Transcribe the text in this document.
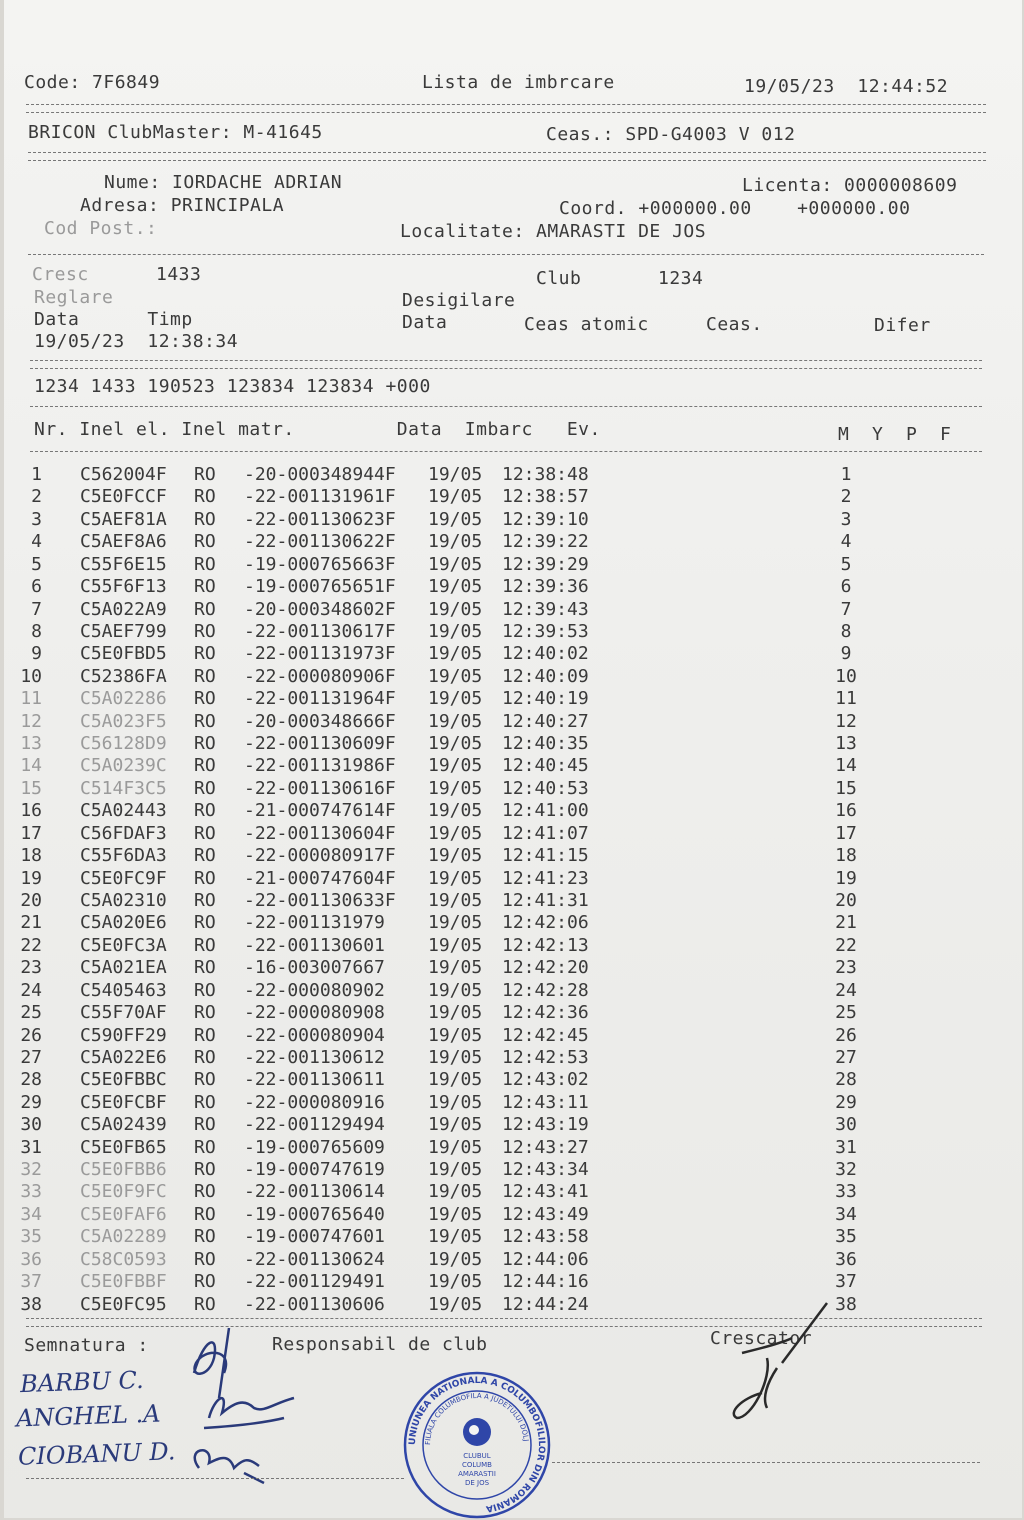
Code: 7F6849	Lista de imbrcare	19/05/23  12:44:52
BRICON ClubMaster: M-41645	Ceas.: SPD-G4003 V 012
Nume: IORDACHE ADRIAN	Licenta: 0000008609
Adresa: PRINCIPALA	Coord. +000000.00    +000000.00
Cod Post.:	Localitate: AMARASTI DE JOS
Cresc	1433	Club	1234
Reglare	Desigilare
Data      Timp	Data	Ceas atomic	Ceas.	Difer
19/05/23  12:38:34
1234 1433 190523 123834 123834 +000
Nr. Inel el. Inel matr.         Data  Imbarc   Ev.	M  Y  P  F
1 C562004F RO -20-000348944F 19/05 12:38:48	1
2 C5E0FCCF RO -22-001131961F 19/05 12:38:57	2
3 C5AEF81A RO -22-001130623F 19/05 12:39:10	3
4 C5AEF8A6 RO -22-001130622F 19/05 12:39:22	4
5 C55F6E15 RO -19-000765663F 19/05 12:39:29	5
6 C55F6F13 RO -19-000765651F 19/05 12:39:36	6
7 C5A022A9 RO -20-000348602F 19/05 12:39:43	7
8 C5AEF799 RO -22-001130617F 19/05 12:39:53	8
9 C5E0FBD5 RO -22-001131973F 19/05 12:40:02	9
10 C52386FA RO -22-000080906F 19/05 12:40:09	10
11 C5A02286 RO -22-001131964F 19/05 12:40:19	11
12 C5A023F5 RO -20-000348666F 19/05 12:40:27	12
13 C56128D9 RO -22-001130609F 19/05 12:40:35	13
14 C5A0239C RO -22-001131986F 19/05 12:40:45	14
15 C514F3C5 RO -22-001130616F 19/05 12:40:53	15
16 C5A02443 RO -21-000747614F 19/05 12:41:00	16
17 C56FDAF3 RO -22-001130604F 19/05 12:41:07	17
18 C55F6DA3 RO -22-000080917F 19/05 12:41:15	18
19 C5E0FC9F RO -21-000747604F 19/05 12:41:23	19
20 C5A02310 RO -22-001130633F 19/05 12:41:31	20
21 C5A020E6 RO -22-001131979 19/05 12:42:06	21
22 C5E0FC3A RO -22-001130601 19/05 12:42:13	22
23 C5A021EA RO -16-003007667 19/05 12:42:20	23
24 C5405463 RO -22-000080902 19/05 12:42:28	24
25 C55F70AF RO -22-000080908 19/05 12:42:36	25
26 C590FF29 RO -22-000080904 19/05 12:42:45	26
27 C5A022E6 RO -22-001130612 19/05 12:42:53	27
28 C5E0FBBC RO -22-001130611 19/05 12:43:02	28
29 C5E0FCBF RO -22-000080916 19/05 12:43:11	29
30 C5A02439 RO -22-001129494 19/05 12:43:19	30
31 C5E0FB65 RO -19-000765609 19/05 12:43:27	31
32 C5E0FBB6 RO -19-000747619 19/05 12:43:34	32
33 C5E0F9FC RO -22-001130614 19/05 12:43:41	33
34 C5E0FAF6 RO -19-000765640 19/05 12:43:49	34
35 C5A02289 RO -19-000747601 19/05 12:43:58	35
36 C58C0593 RO -22-001130624 19/05 12:44:06	36
37 C5E0FBBF RO -22-001129491 19/05 12:44:16	37
38 C5E0FC95 RO -22-001130606 19/05 12:44:24	38
Semnatura :	Responsabil de club	Crescator
BARBU C.
ANGHEL .A
CIOBANU D.	UNIUNEA NATIONALA A COLUMBOFILILOR DIN ROMANIA
FILIALA COLUMBOFILA A JUDETULUI DOLJ
CLUBUL
COLUMB
AMARASTII
DE JOS
